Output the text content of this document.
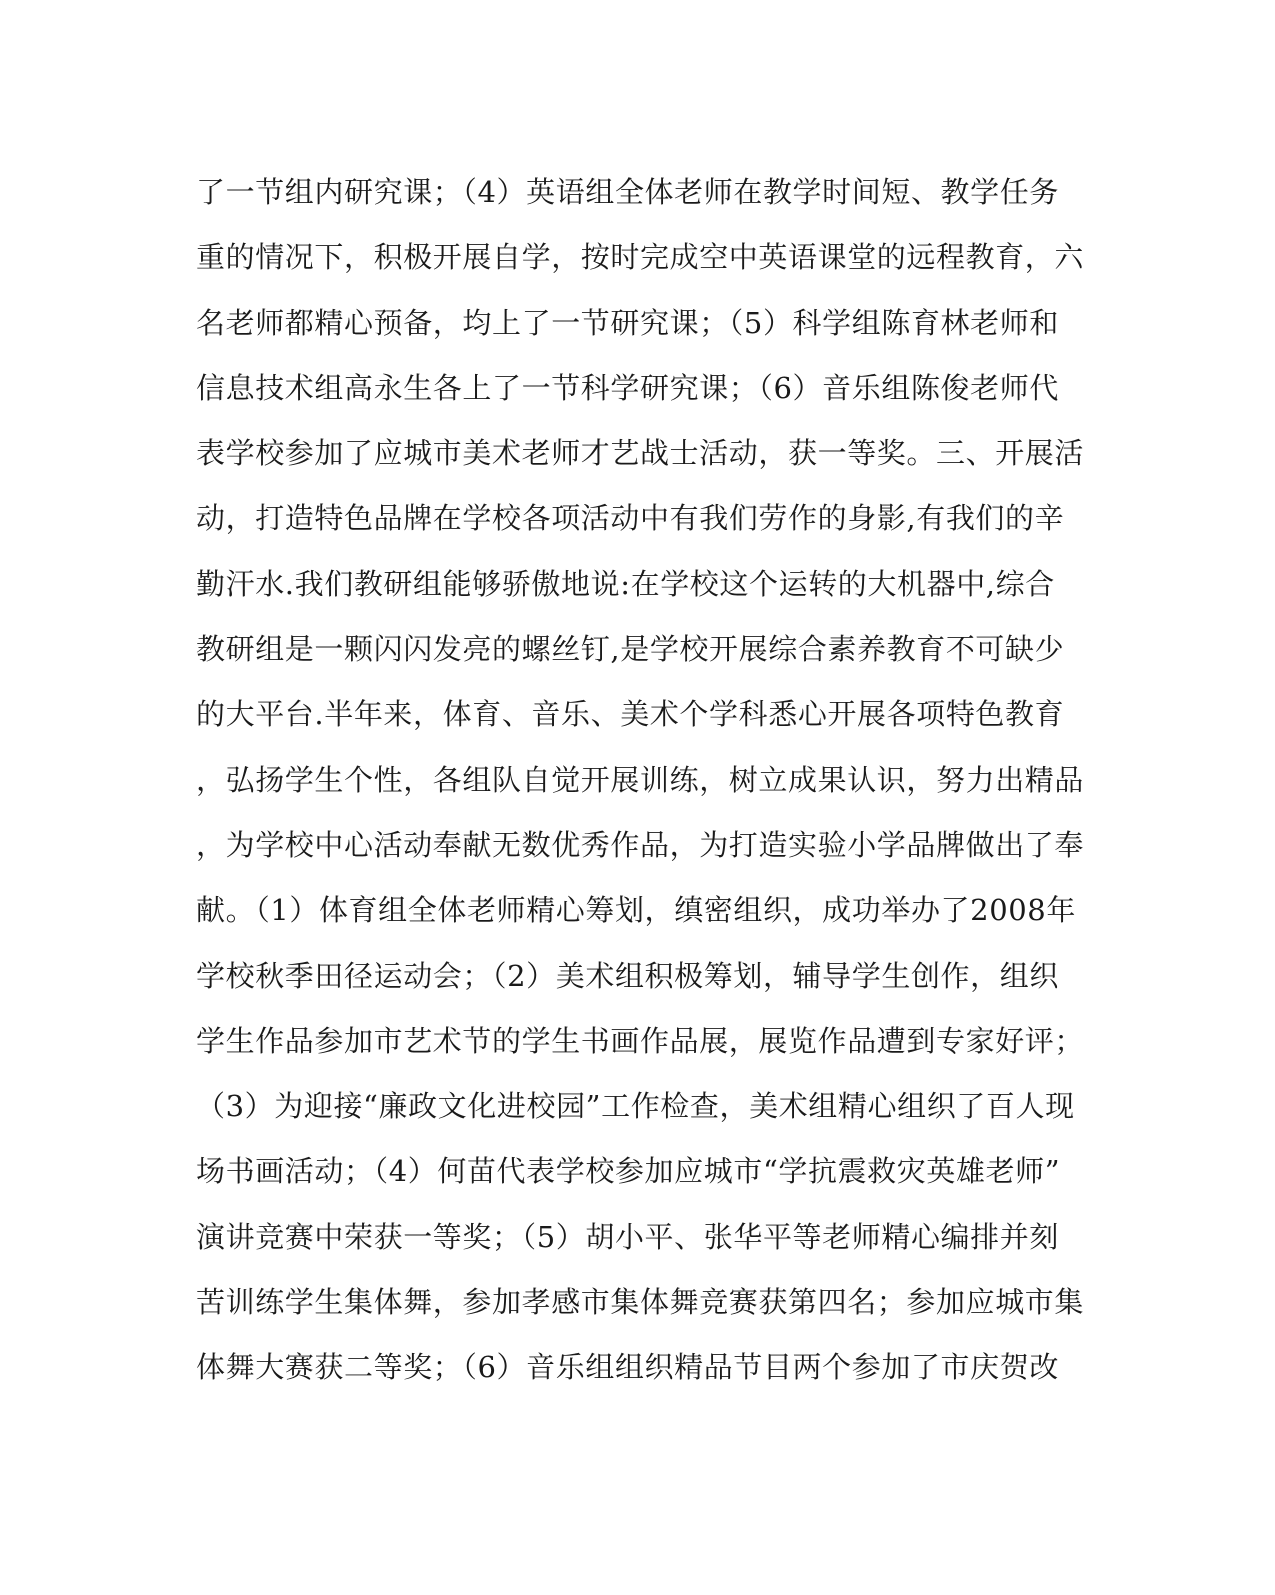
了一节组内研究课；（4）英语组全体老师在教学时间短、教学任务
重的情况下，积极开展自学，按时完成空中英语课堂的远程教育，六
名老师都精心预备，均上了一节研究课；（5）科学组陈育林老师和
信息技术组高永生各上了一节科学研究课；（6）音乐组陈俊老师代
表学校参加了应城市美术老师才艺战士活动，获一等奖。三、开展活
动，打造特色品牌在学校各项活动中有我们劳作的身影,有我们的辛
勤汗水.我们教研组能够骄傲地说:在学校这个运转的大机器中,综合
教研组是一颗闪闪发亮的螺丝钉,是学校开展综合素养教育不可缺少
的大平台.半年来，体育、音乐、美术个学科悉心开展各项特色教育
，弘扬学生个性，各组队自觉开展训练，树立成果认识，努力出精品
，为学校中心活动奉献无数优秀作品，为打造实验小学品牌做出了奉
献。（1）体育组全体老师精心筹划，缜密组织，成功举办了2008年
学校秋季田径运动会；（2）美术组积极筹划，辅导学生创作，组织
学生作品参加市艺术节的学生书画作品展，展览作品遭到专家好评；
（3）为迎接“廉政文化进校园”工作检查，美术组精心组织了百人现
场书画活动；（4）何苗代表学校参加应城市“学抗震救灾英雄老师”
演讲竞赛中荣获一等奖；（5）胡小平、张华平等老师精心编排并刻
苦训练学生集体舞，参加孝感市集体舞竞赛获第四名；参加应城市集
体舞大赛获二等奖；（6）音乐组组织精品节目两个参加了市庆贺改
